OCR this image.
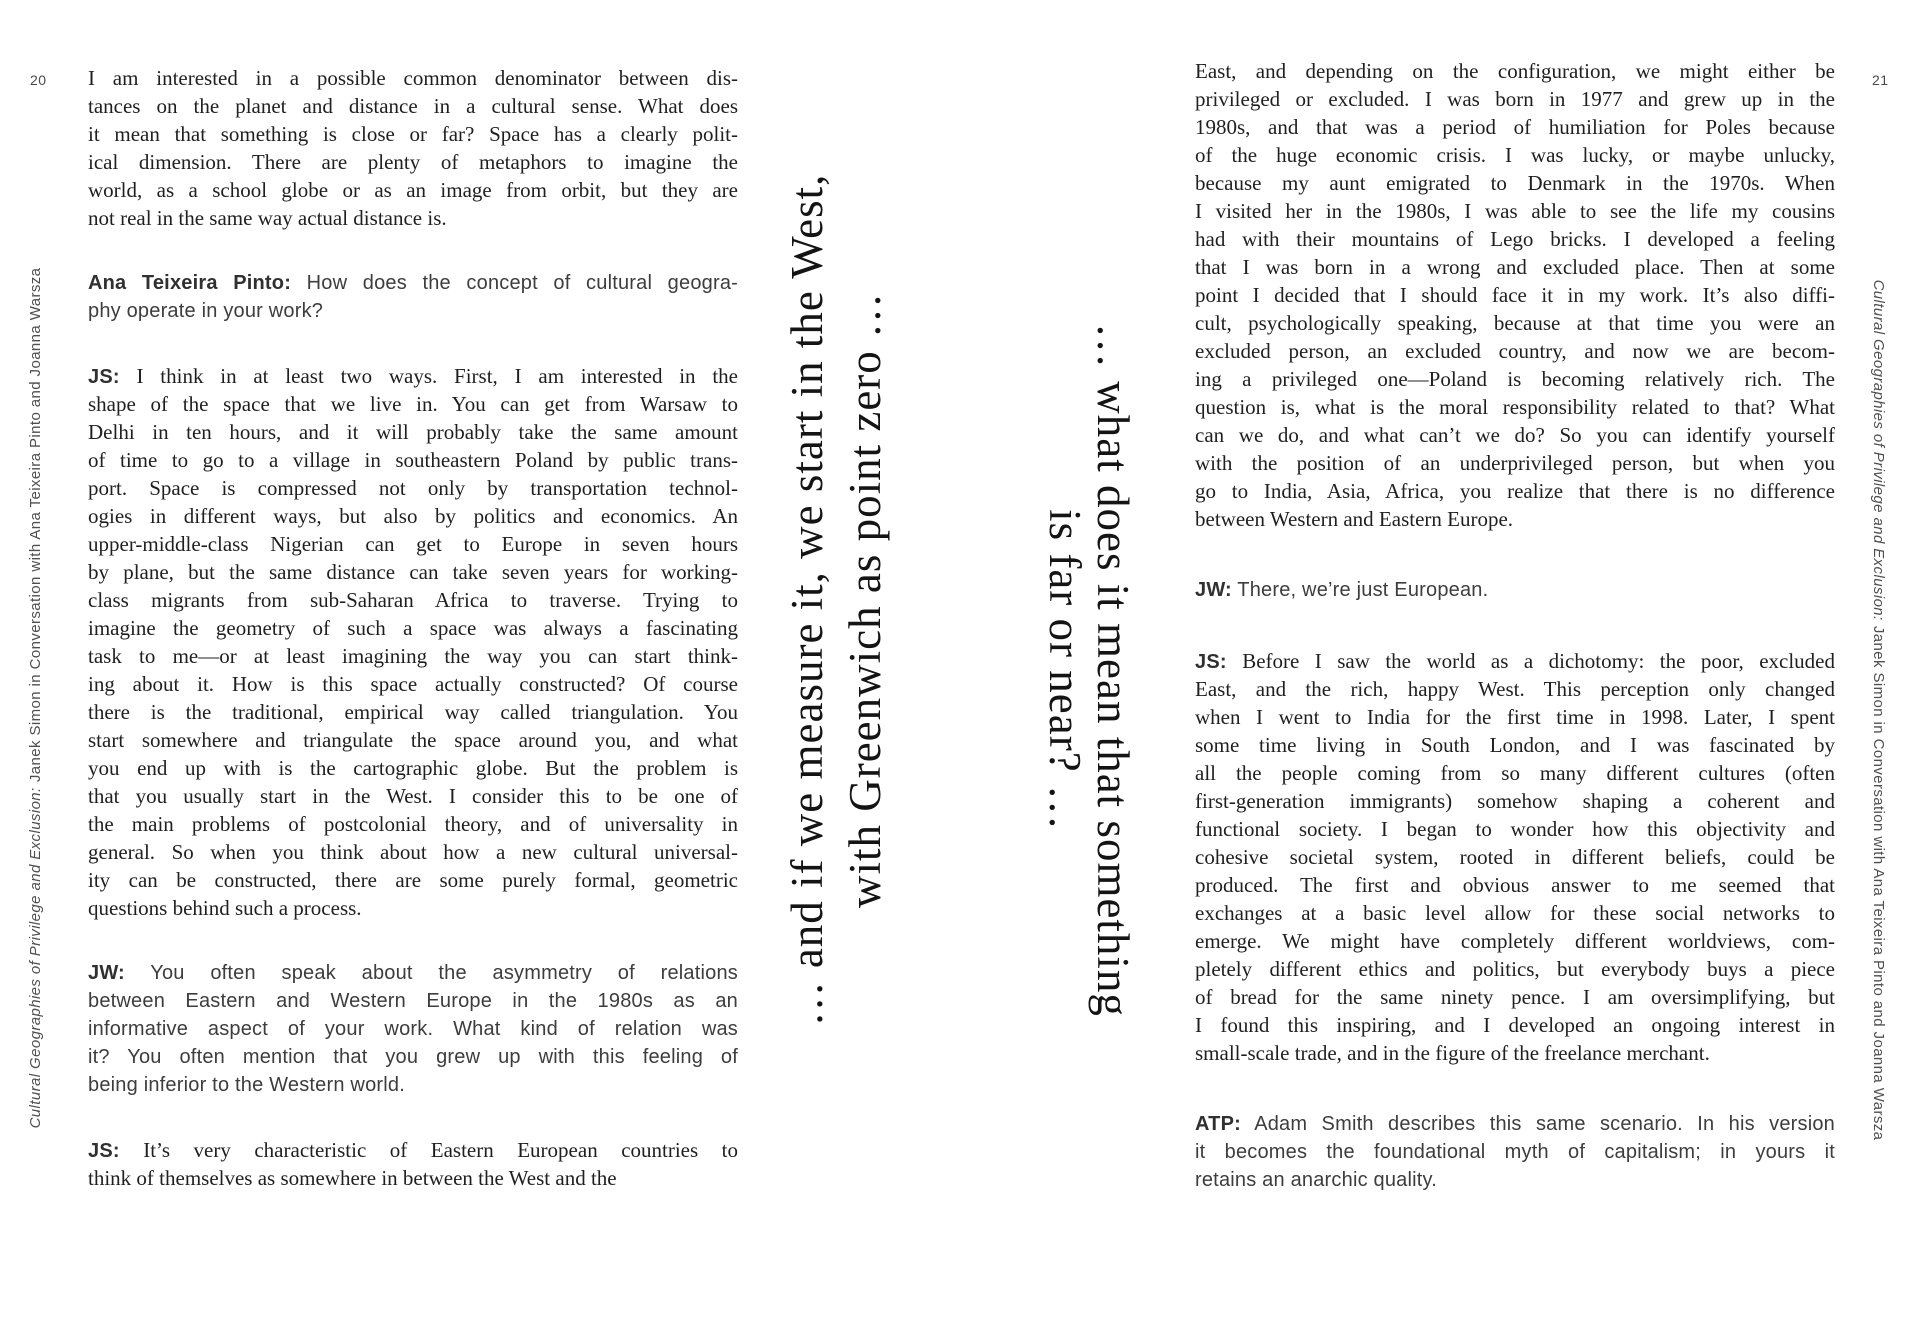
20	21
Cultural Geographies of Privilege and Exclusion:Janek Simon in Conversation with Ana Teixeira Pinto and Joanna Warsza	Cultural Geographies of Privilege and Exclusion:Janek Simon in Conversation with Ana Teixeira Pinto and Joanna Warsza
I am interested in a possible common denominator between dis-
tances on the planet and distance in a cultural sense. What does
it mean that something is close or far? Space has a clearly polit-
ical dimension. There are plenty of metaphors to imagine the
world, as a school globe or as an image from orbit, but they are
not real in the same way actual distance is.
Ana Teixeira Pinto: How does the concept of cultural geogra-
phy operate in your work?
JS: I think in at least two ways. First, I am interested in the
shape of the space that we live in. You can get from Warsaw to
Delhi in ten hours, and it will probably take the same amount
of time to go to a village in southeastern Poland by public trans-
port. Space is compressed not only by transportation technol-
ogies in different ways, but also by politics and economics. An
upper-middle-class Nigerian can get to Europe in seven hours
by plane, but the same distance can take seven years for working-
class migrants from sub-Saharan Africa to traverse. Trying to
imagine the geometry of such a space was always a fascinating
task to me—or at least imagining the way you can start think-
ing about it. How is this space actually constructed? Of course
there is the traditional, empirical way called triangulation. You
start somewhere and triangulate the space around you, and what
you end up with is the cartographic globe. But the problem is
that you usually start in the West. I consider this to be one of
the main problems of postcolonial theory, and of universality in
general. So when you think about how a new cultural universal-
ity can be constructed, there are some purely formal, geometric
questions behind such a process.
JW: You often speak about the asymmetry of relations
between Eastern and Western Europe in the 1980s as an
informative aspect of your work. What kind of relation was
it? You often mention that you grew up with this feeling of
being inferior to the Western world.
JS: It’s very characteristic of Eastern European countries to
think of themselves as somewhere in between the West and the
… and if we measure it, we start in the West, with Greenwich as point zero …	… what does it mean that something
is far or near? …
East, and depending on the configuration, we might either be
privileged or excluded. I was born in 1977 and grew up in the
1980s, and that was a period of humiliation for Poles because
of the huge economic crisis. I was lucky, or maybe unlucky,
because my aunt emigrated to Denmark in the 1970s. When
I visited her in the 1980s, I was able to see the life my cousins
had with their mountains of Lego bricks. I developed a feeling
that I was born in a wrong and excluded place. Then at some
point I decided that I should face it in my work. It’s also diffi-
cult, psychologically speaking, because at that time you were an
excluded person, an excluded country, and now we are becom-
ing a privileged one—Poland is becoming relatively rich. The
question is, what is the moral responsibility related to that? What
can we do, and what can’t we do? So you can identify yourself
with the position of an underprivileged person, but when you
go to India, Asia, Africa, you realize that there is no difference
between Western and Eastern Europe.
JW: There, we’re just European.
JS: Before I saw the world as a dichotomy: the poor, excluded
East, and the rich, happy West. This perception only changed
when I went to India for the first time in 1998. Later, I spent
some time living in South London, and I was fascinated by
all the people coming from so many different cultures (often
first-generation immigrants) somehow shaping a coherent and
functional society. I began to wonder how this objectivity and
cohesive societal system, rooted in different beliefs, could be
produced. The first and obvious answer to me seemed that
exchanges at a basic level allow for these social networks to
emerge. We might have completely different worldviews, com-
pletely different ethics and politics, but everybody buys a piece
of bread for the same ninety pence. I am oversimplifying, but
I found this inspiring, and I developed an ongoing interest in
small-scale trade, and in the figure of the freelance merchant.
ATP: Adam Smith describes this same scenario. In his version
it becomes the foundational myth of capitalism; in yours it
retains an anarchic quality.
